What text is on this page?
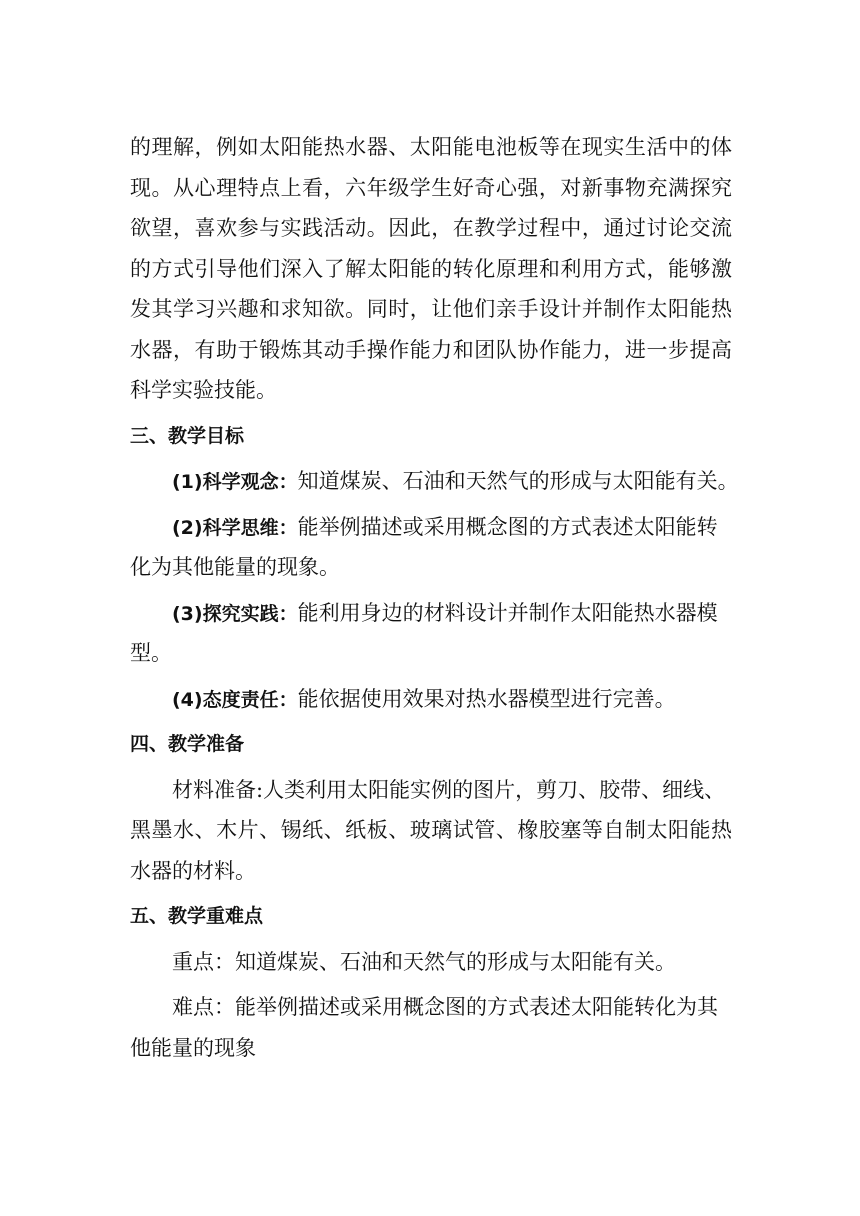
的理解，例如太阳能热水器、太阳能电池板等在现实生活中的体
现。从心理特点上看，六年级学生好奇心强，对新事物充满探究
欲望，喜欢参与实践活动。因此，在教学过程中，通过讨论交流
的方式引导他们深入了解太阳能的转化原理和利用方式，能够激
发其学习兴趣和求知欲。同时，让他们亲手设计并制作太阳能热
水器，有助于锻炼其动手操作能力和团队协作能力，进一步提高
科学实验技能。
三、教学目标
(1)科学观念：知道煤炭、石油和天然气的形成与太阳能有关。
(2)科学思维：能举例描述或采用概念图的方式表述太阳能转
化为其他能量的现象。
(3)探究实践：能利用身边的材料设计并制作太阳能热水器模
型。
(4)态度责任：能依据使用效果对热水器模型进行完善。
四、教学准备
材料准备:人类利用太阳能实例的图片，剪刀、胶带、细线、
黑墨水、木片、锡纸、纸板、玻璃试管、橡胶塞等自制太阳能热
水器的材料。
五、教学重难点
重点：知道煤炭、石油和天然气的形成与太阳能有关。
难点：能举例描述或采用概念图的方式表述太阳能转化为其
他能量的现象
